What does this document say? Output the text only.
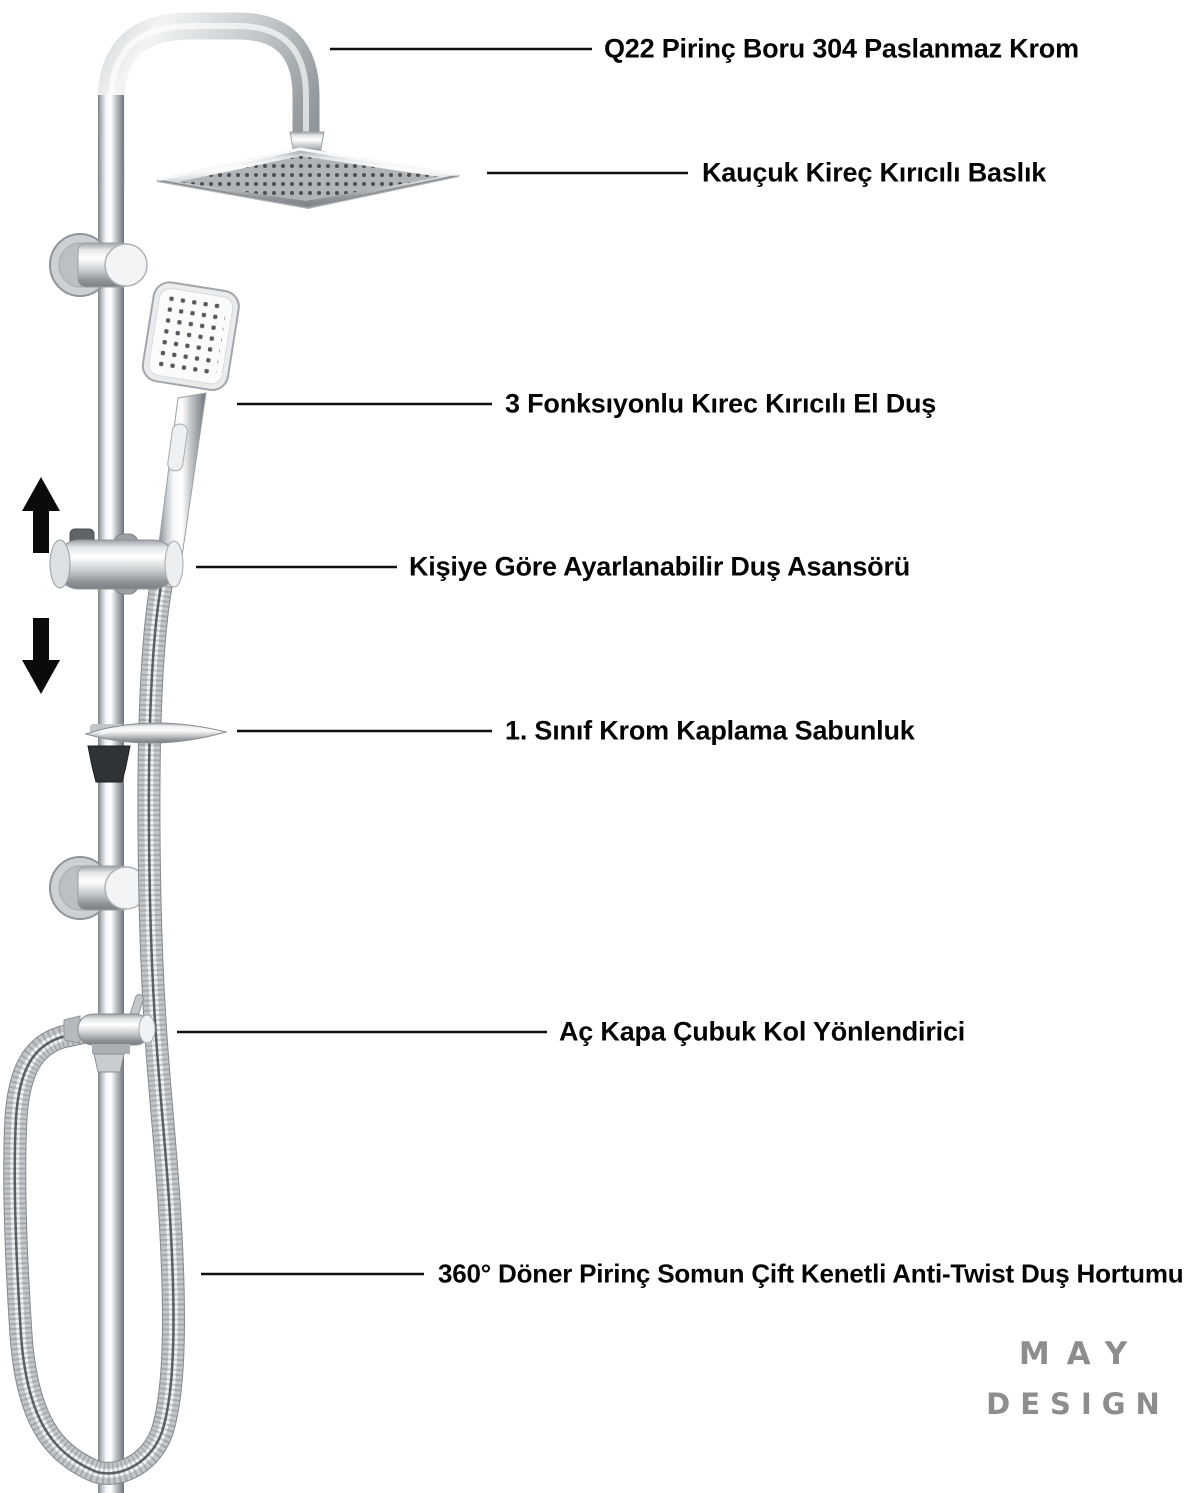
Q22 Pirinç Boru 304 Paslanmaz Krom
Kauçuk Kireç Kırıcılı Baslık
3 Fonksıyonlu Kırec Kırıcılı El Duş
Kişiye Göre Ayarlanabilir Duş Asansörü
1. Sınıf Krom Kaplama Sabunluk
Aç Kapa Çubuk Kol Yönlendirici
360° Döner Pirinç Somun Çift Kenetli Anti-Twist Duş Hortumu
MAY
DESIGN
